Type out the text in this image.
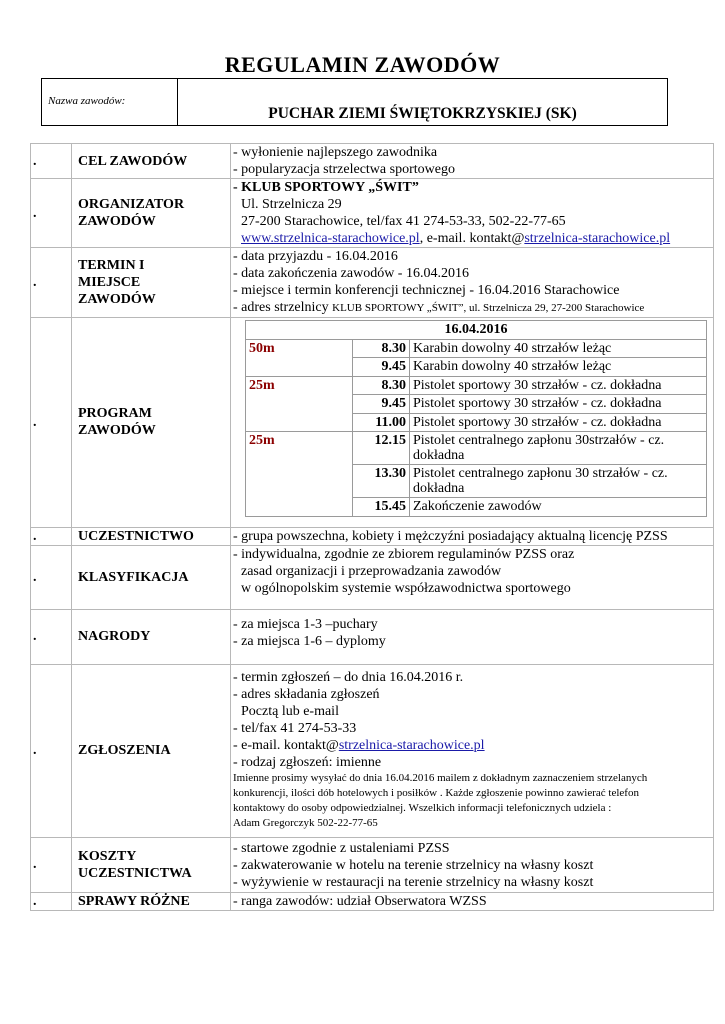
REGULAMIN ZAWODÓW
Nazwa zawodów:
PUCHAR ZIEMI ŚWIĘTOKRZYSKIEJ (SK)
.	CEL ZAWODÓW	
- wyłonienie najlepszego zawodnika
- popularyzacja strzelectwa sportowego

.	
ORGANIZATOR
ZAWODÓW

- KLUB SPORTOWY „ŚWIT”
Ul. Strzelnicza 29
27-200 Starachowice, tel/fax 41 274-53-33, 502-22-77-65
www.strzelnica-starachowice.pl, e-mail. kontakt@strzelnica-starachowice.pl

.	
TERMIN I
MIEJSCE
ZAWODÓW

- data przyjazdu - 16.04.2016
- data zakończenia zawodów - 16.04.2016
- miejsce i termin konferencji technicznej - 16.04.2016 Starachowice
- adres strzelnicy KLUB SPORTOWY „ŚWIT”, ul. Strzelnicza 29, 27-200 Starachowice

.	
PROGRAM
ZAWODÓW

16.04.2016
50m	8.30	Karabin dowolny 40 strzałów leżąc
	9.45	Karabin dowolny 40 strzałów leżąc
25m	8.30	Pistolet sportowy 30 strzałów - cz. dokładna
	9.45	Pistolet sportowy 30 strzałów - cz. dokładna
	11.00	Pistolet sportowy 30 strzałów - cz. dokładna
25m	12.15	Pistolet centralnego zapłonu 30strzałów - cz. dokładna
	13.30	Pistolet centralnego zapłonu 30 strzałów - cz. dokładna
	15.45	Zakończenie zawodów

.	UCZESTNICTWO	- grupa powszechna, kobiety i mężczyźni posiadający aktualną licencję PZSS
.	KLASYFIKACJA	
- indywidualna, zgodnie ze zbiorem regulaminów PZSS oraz
zasad organizacji i przeprowadzania zawodów
w ogólnopolskim systemie współzawodnictwa sportowego

.	NAGRODY	
- za miejsca 1-3 –puchary
- za miejsca 1-6 – dyplomy

.	ZGŁOSZENIA	
- termin zgłoszeń – do dnia 16.04.2016 r.
- adres składania zgłoszeń
Pocztą lub e-mail
- tel/fax 41 274-53-33
- e-mail. kontakt@strzelnica-starachowice.pl
- rodzaj zgłoszeń: imienne
Imienne prosimy wysyłać do dnia 16.04.2016 mailem z dokładnym zaznaczeniem strzelanych
konkurencji, ilości dób hotelowych i posiłków . Każde zgłoszenie powinno zawierać telefon
kontaktowy do osoby odpowiedzialnej. Wszelkich informacji telefonicznych udziela :
Adam Gregorczyk 502-22-77-65

.	
KOSZTY
UCZESTNICTWA

- startowe zgodnie z ustaleniami PZSS
- zakwaterowanie w hotelu na terenie strzelnicy na własny koszt
- wyżywienie w restauracji na terenie strzelnicy na własny koszt

.	SPRAWY RÓŻNE	- ranga zawodów: udział Obserwatora WZSS
